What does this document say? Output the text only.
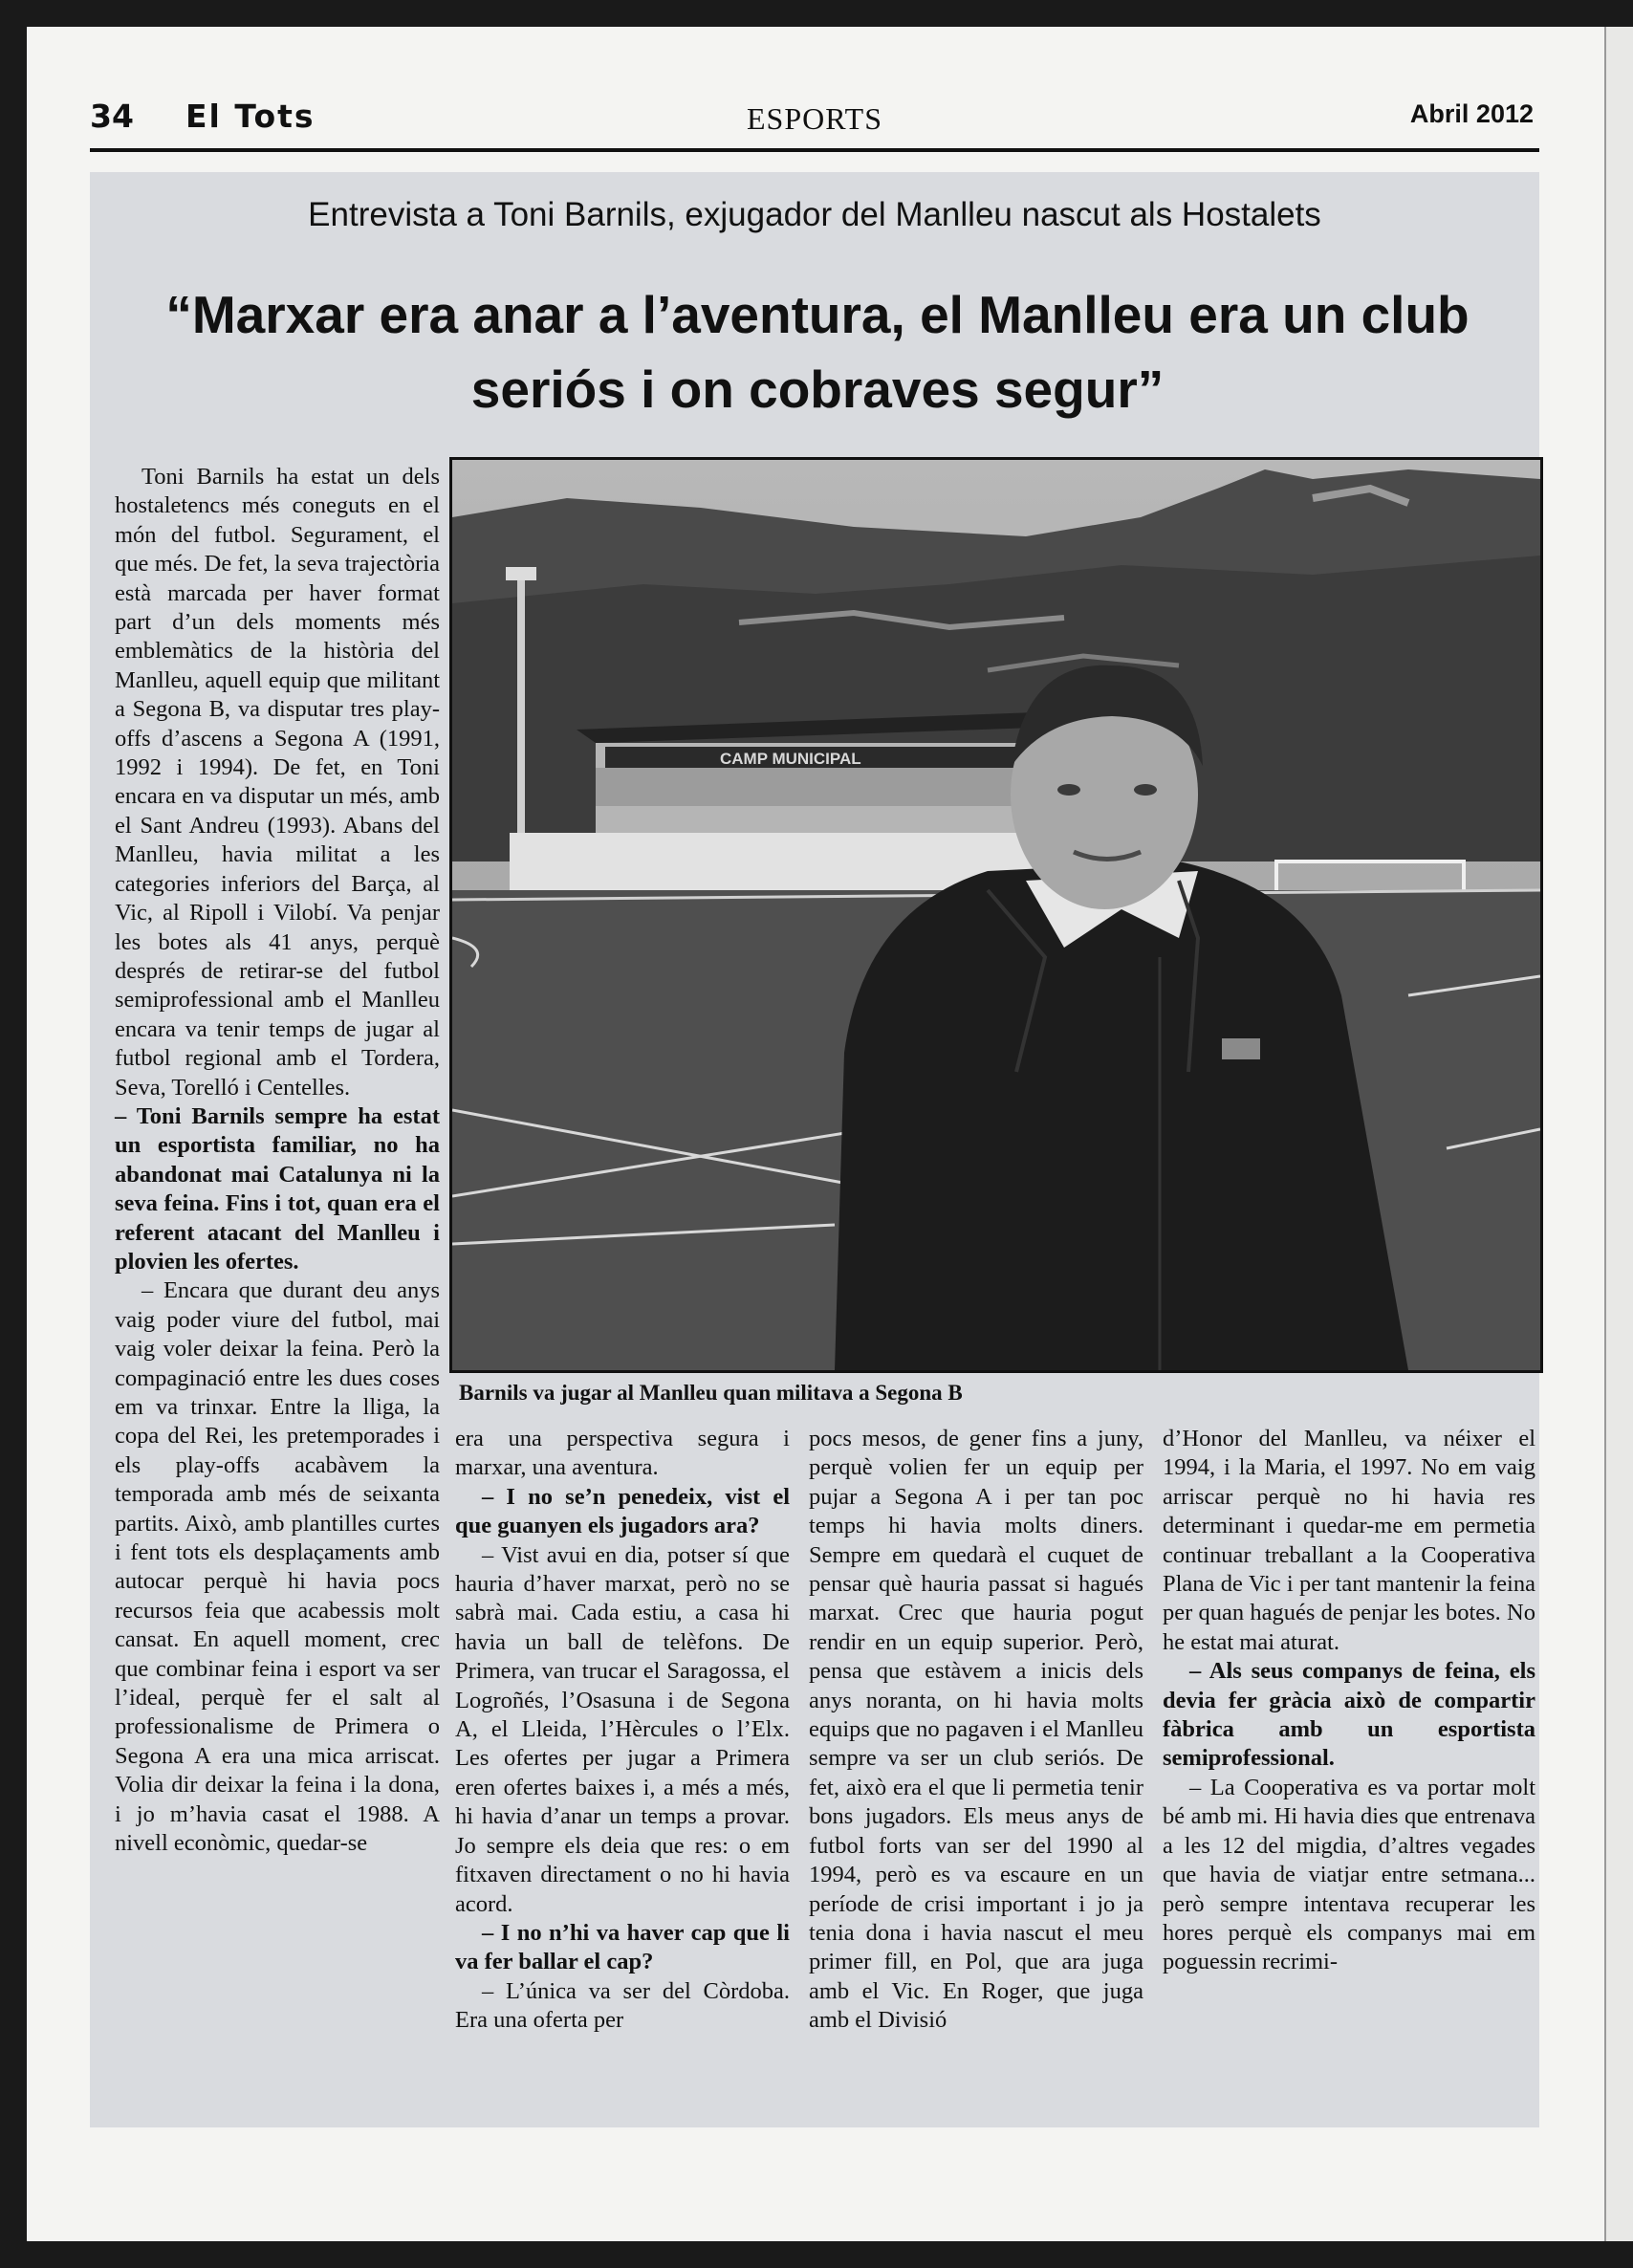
34 El Tots	ESPORTS	Abril 2012
Entrevista a Toni Barnils, exjugador del Manlleu nascut als Hostalets
“Marxar era anar a l’aventura, el Manlleu era un club seriós i on cobraves segur”
CAMP MUNICIPAL
Barnils va jugar al Manlleu quan militava a Segona B

Toni Barnils ha estat un dels hostaletencs més coneguts en el món del futbol. Segurament, el que més. De fet, la seva trajectòria està marcada per haver format part d’un dels moments més emblemàtics de la història del Manlleu, aquell equip que militant a Segona B, va disputar tres play-offs d’ascens a Segona A (1991, 1992 i 1994). De fet, en Toni encara en va disputar un més, amb el Sant Andreu (1993). Abans del Manlleu, havia militat a les categories inferiors del Barça, al Vic, al Ripoll i Vilobí. Va penjar les botes als 41 anys, perquè després de retirar-se del futbol semiprofessional amb el Manlleu encara va tenir temps de jugar al futbol regional amb el Tordera, Seva, Torelló i Centelles.

– Toni Barnils sempre ha estat un esportista familiar, no ha abandonat mai Catalunya ni la seva feina. Fins i tot, quan era el referent atacant del Manlleu i plovien les ofertes.

– Encara que durant deu anys vaig poder viure del futbol, mai vaig voler deixar la feina. Però la compaginació entre les dues coses em va trinxar. Entre la lliga, la copa del Rei, les pretemporades i els play-offs acabàvem la temporada amb més de seixanta partits. Això, amb plantilles curtes i fent tots els desplaçaments amb autocar perquè hi havia pocs recursos feia que acabessis molt cansat. En aquell moment, crec que combinar feina i esport va ser l’ideal, perquè fer el salt al professionalisme de Primera o Segona A era una mica arriscat. Volia dir deixar la feina i la dona, i jo m’havia casat el 1988. A nivell econòmic, quedar-se

era una perspectiva segura i marxar, una aventura.

– I no se’n penedeix, vist el que guanyen els jugadors ara?

– Vist avui en dia, potser sí que hauria d’haver marxat, però no se sabrà mai. Cada estiu, a casa hi havia un ball de telèfons. De Primera, van trucar el Saragossa, el Logroñés, l’Osasuna i de Segona A, el Lleida, l’Hèrcules o l’Elx. Les ofertes per jugar a Primera eren ofertes baixes i, a més a més, hi havia d’anar un temps a provar. Jo sempre els deia que res: o em fitxaven directament o no hi havia acord.

– I no n’hi va haver cap que li va fer ballar el cap?

– L’única va ser del Còrdoba. Era una oferta per

pocs mesos, de gener fins a juny, perquè volien fer un equip per pujar a Segona A i per tan poc temps hi havia molts diners. Sempre em quedarà el cuquet de pensar què hauria passat si hagués marxat. Crec que hauria pogut rendir en un equip superior. Però, pensa que estàvem a inicis dels anys noranta, on hi havia molts equips que no pagaven i el Manlleu sempre va ser un club seriós. De fet, això era el que li permetia tenir bons jugadors. Els meus anys de futbol forts van ser del 1990 al 1994, però es va escaure en un període de crisi important i jo ja tenia dona i havia nascut el meu primer fill, en Pol, que ara juga amb el Vic. En Roger, que juga amb el Divisió

d’Honor del Manlleu, va néixer el 1994, i la Maria, el 1997. No em vaig arriscar perquè no hi havia res determinant i quedar-me em permetia continuar treballant a la Cooperativa Plana de Vic i per tant mantenir la feina per quan hagués de penjar les botes. No he estat mai aturat.

– Als seus companys de feina, els devia fer gràcia això de compartir fàbrica amb un esportista semiprofessional.

– La Cooperativa es va portar molt bé amb mi. Hi havia dies que entrenava a les 12 del migdia, d’altres vegades que havia de viatjar entre setmana... però sempre intentava recuperar les hores perquè els companys mai em poguessin recrimi-
